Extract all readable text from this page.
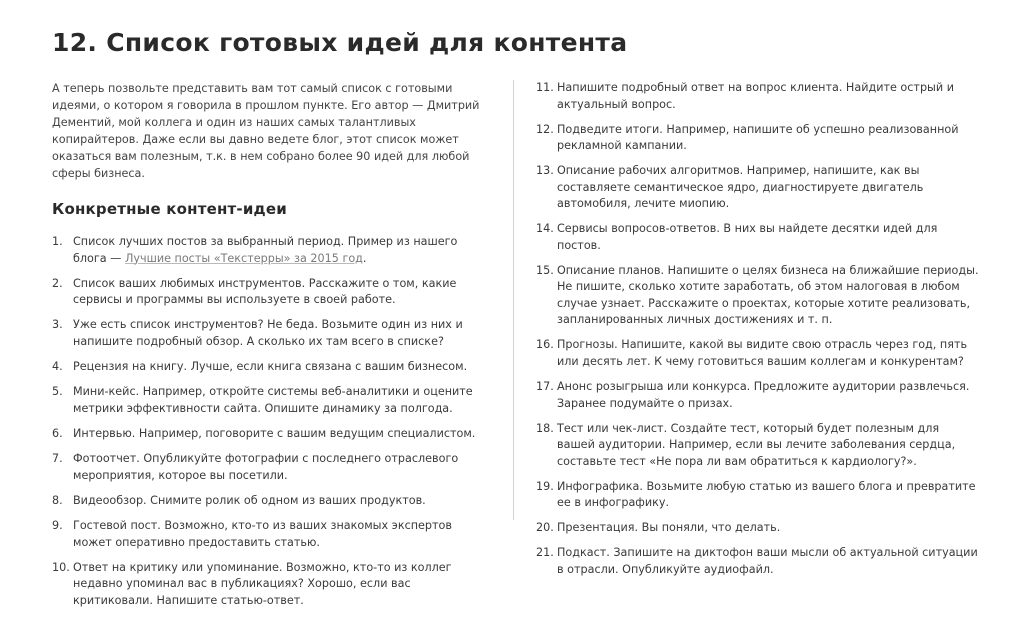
12. Список готовых идей для контента

А теперь позвольте представить вам тот самый список с готовыми идеями, о котором я говорила в прошлом пункте. Его автор — Дмитрий Дементий, мой коллега и один из наших самых талантливых копирайтеров. Даже если вы давно ведете блог, этот список может оказаться вам полезным, т.к. в нем собрано более 90 идей для любой сферы бизнеса.

Конкретные контент-идеи
1. Список лучших постов за выбранный период. Пример из нашего блога — Лучшие посты «Текстерры» за 2015 год.
2. Список ваших любимых инструментов. Расскажите о том, какие сервисы и программы вы используете в своей работе.
3. Уже есть список инструментов? Не беда. Возьмите один из них и напишите подробный обзор. А сколько их там всего в списке?
4. Рецензия на книгу. Лучше, если книга связана с вашим бизнесом.
5. Мини-кейс. Например, откройте системы веб-аналитики и оцените метрики эффективности сайта. Опишите динамику за полгода.
6. Интервью. Например, поговорите с вашим ведущим специалистом.
7. Фотоотчет. Опубликуйте фотографии с последнего отраслевого мероприятия, которое вы посетили.
8. Видеообзор. Снимите ролик об одном из ваших продуктов.
9. Гостевой пост. Возможно, кто-то из ваших знакомых экспертов может оперативно предоставить статью.
10. Ответ на критику или упоминание. Возможно, кто-то из коллег недавно упоминал вас в публикациях? Хорошо, если вас критиковали. Напишите статью-ответ.
11. Напишите подробный ответ на вопрос клиента. Найдите острый и актуальный вопрос.
12. Подведите итоги. Например, напишите об успешно реализованной рекламной кампании.
13. Описание рабочих алгоритмов. Например, напишите, как вы составляете семантическое ядро, диагностируете двигатель автомобиля, лечите миопию.
14. Сервисы вопросов-ответов. В них вы найдете десятки идей для постов.
15. Описание планов. Напишите о целях бизнеса на ближайшие периоды. Не пишите, сколько хотите заработать, об этом налоговая в любом случае узнает. Расскажите о проектах, которые хотите реализовать, запланированных личных достижениях и т. п.
16. Прогнозы. Напишите, какой вы видите свою отрасль через год, пять или десять лет. К чему готовиться вашим коллегам и конкурентам?
17. Анонс розыгрыша или конкурса. Предложите аудитории развлечься. Заранее подумайте о призах.
18. Тест или чек-лист. Создайте тест, который будет полезным для вашей аудитории. Например, если вы лечите заболевания сердца, составьте тест «Не пора ли вам обратиться к кардиологу?».
19. Инфографика. Возьмите любую статью из вашего блога и превратите ее в инфографику.
20. Презентация. Вы поняли, что делать.
21. Подкаст. Запишите на диктофон ваши мысли об актуальной ситуации в отрасли. Опубликуйте аудиофайл.
